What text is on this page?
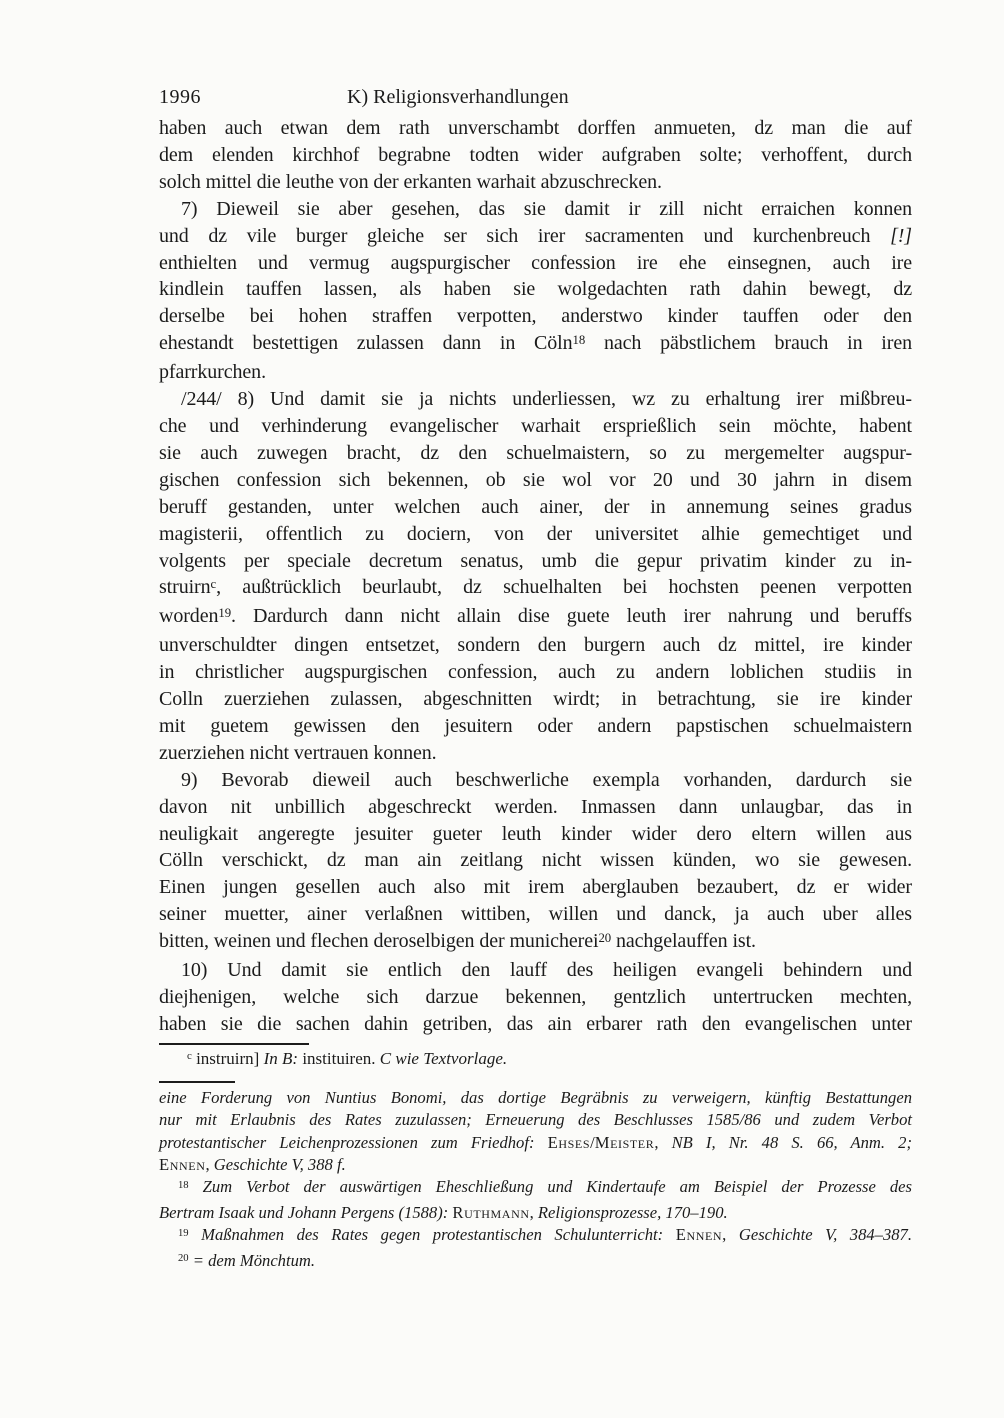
1996	K) Religionsverhandlungen
haben auch etwan dem rath unverschambt dorffen anmueten, dz man die auf
dem elenden kirchhof begrabne todten wider aufgraben solte; verhoffent, durch
solch mittel die leuthe von der erkanten warhait abzuschrecken.
7) Dieweil sie aber gesehen, das sie damit ir zill nicht erraichen konnen
und dz vile burger gleiche ser sich irer sacramenten und kurchenbreuch [!]
enthielten und vermug augspurgischer confession ire ehe einsegnen, auch ire
kindlein tauffen lassen, als haben sie wolgedachten rath dahin bewegt, dz
derselbe bei hohen straffen verpotten, anderstwo kinder tauffen oder den
ehestandt bestettigen zulassen dann in Cöln$^{18}$ nach päbstlichem brauch in iren
pfarrkurchen.
/244/ 8) Und damit sie ja nichts underliessen, wz zu erhaltung irer mißbreu-
che und verhinderung evangelischer warhait ersprießlich sein möchte, habent
sie auch zuwegen bracht, dz den schuelmaistern, so zu mergemelter augspur-
gischen confession sich bekennen, ob sie wol vor 20 und 30 jahrn in disem
beruff gestanden, unter welchen auch ainer, der in annemung seines gradus
magisterii, offentlich zu dociern, von der universitet alhie gemechtiget und
volgents per speciale decretum senatus, umb die gepur privatim kinder zu in-
struirn$^c$, außtrücklich beurlaubt, dz schuelhalten bei hochsten peenen verpotten
worden$^{19}$. Dardurch dann nicht allain dise guete leuth irer nahrung und beruffs
unverschuldter dingen entsetzet, sondern den burgern auch dz mittel, ire kinder
in christlicher augspurgischen confession, auch zu andern loblichen studiis in
Colln zuerziehen zulassen, abgeschnitten wirdt; in betrachtung, sie ire kinder
mit guetem gewissen den jesuitern oder andern papstischen schuelmaistern
zuerziehen nicht vertrauen konnen.
9) Bevorab dieweil auch beschwerliche exempla vorhanden, dardurch sie
davon nit unbillich abgeschreckt werden. Inmassen dann unlaugbar, das in
neuligkait angeregte jesuiter gueter leuth kinder wider dero eltern willen aus
Cölln verschickt, dz man ain zeitlang nicht wissen künden, wo sie gewesen.
Einen jungen gesellen auch also mit irem aberglauben bezaubert, dz er wider
seiner muetter, ainer verlaßnen wittiben, willen und danck, ja auch uber alles
bitten, weinen und flechen deroselbigen der municherei$^{20}$ nachgelauffen ist.
10) Und damit sie entlich den lauff des heiligen evangeli behindern und
diejhenigen, welche sich darzue bekennen, gentzlich untertrucken mechten,
haben sie die sachen dahin getriben, das ain erbarer rath den evangelischen unter
$^c$ instruirn] In B: instituiren. C wie Textvorlage.
eine Forderung von Nuntius Bonomi, das dortige Begräbnis zu verweigern, künftig Bestattungen
nur mit Erlaubnis des Rates zuzulassen; Erneuerung des Beschlusses 1585/86 und zudem Verbot
protestantischer Leichenprozessionen zum Friedhof: Ehses/Meister, NB I, Nr. 48 S. 66, Anm. 2;
Ennen, Geschichte V, 388 f.
$^{18}$ Zum Verbot der auswärtigen Eheschließung und Kindertaufe am Beispiel der Prozesse des
Bertram Isaak und Johann Pergens (1588): Ruthmann, Religionsprozesse, 170–190.
$^{19}$ Maßnahmen des Rates gegen protestantischen Schulunterricht: Ennen, Geschichte V, 384–387.
$^{20}$ = dem Mönchtum.
